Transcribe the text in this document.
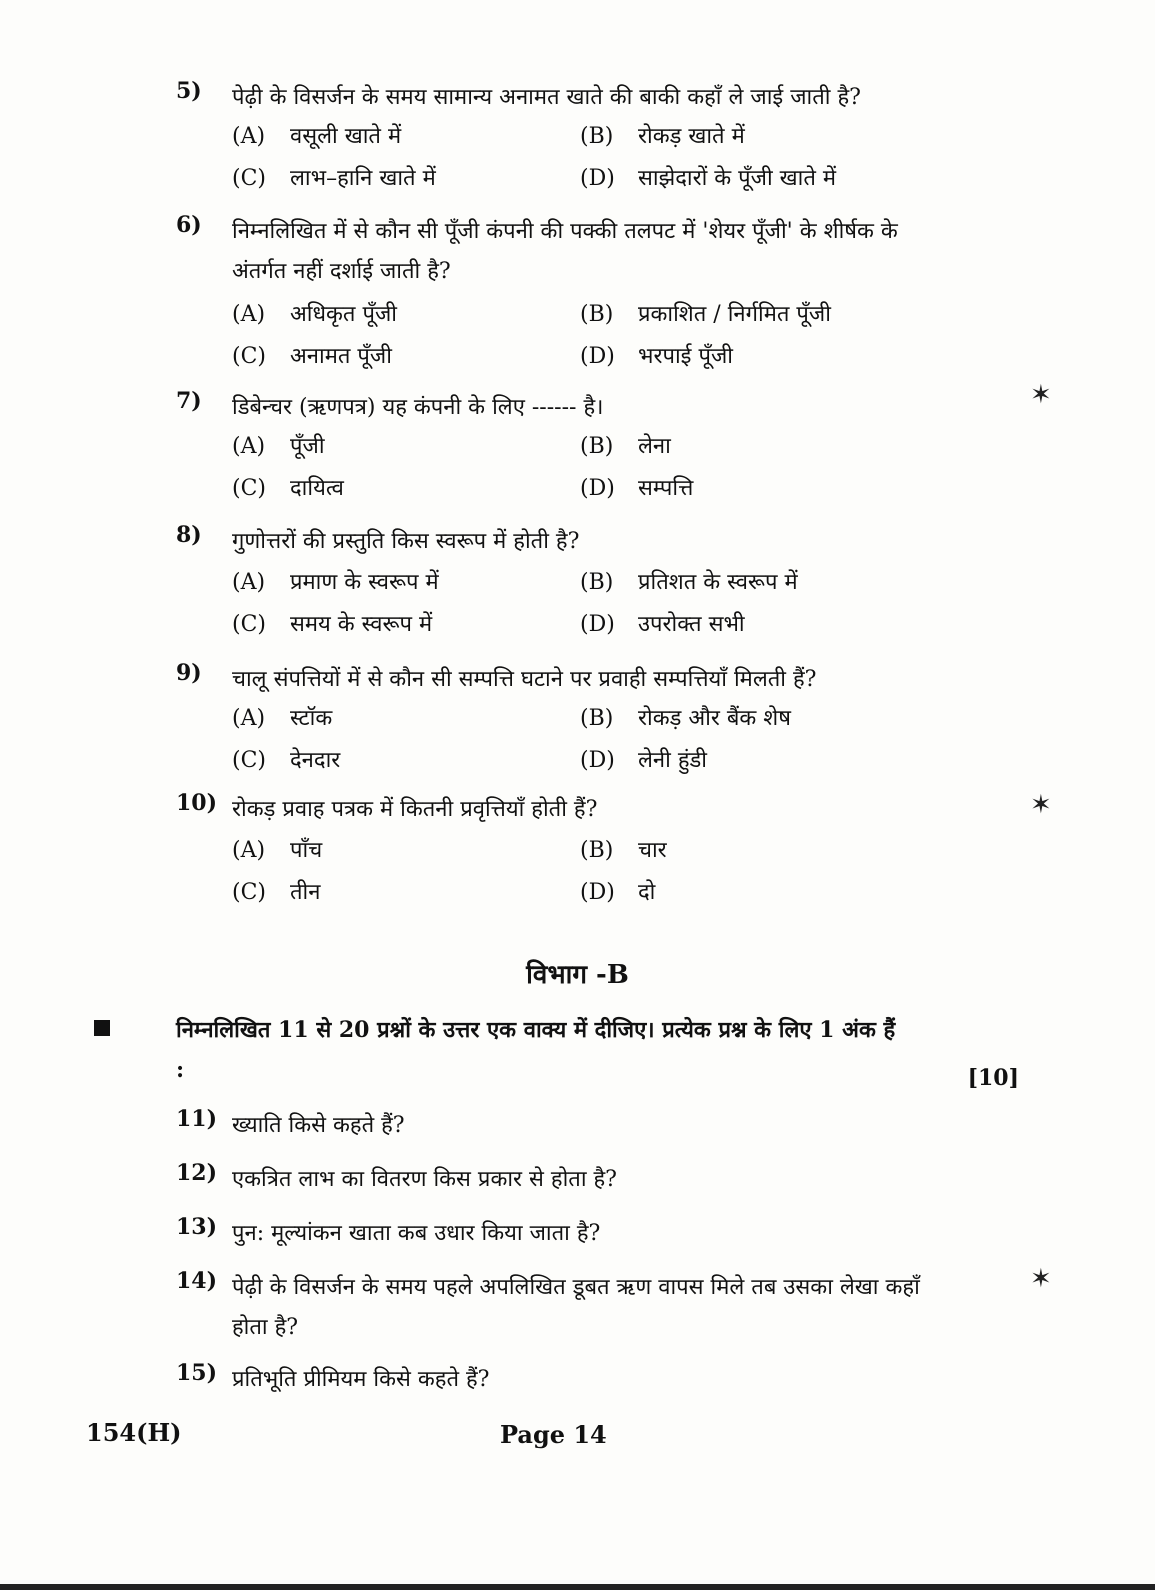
5)	पेढ़ी के विसर्जन के समय सामान्य अनामत खाते की बाकी कहाँ ले जाई जाती है?
(A) वसूली खाते में	(B) रोकड़ खाते में
(C) लाभ–हानि खाते में	(D) साझेदारों के पूँजी खाते में
6)	निम्नलिखित में से कौन सी पूँजी कंपनी की पक्की तलपट में 'शेयर पूँजी' के शीर्षक के अंतर्गत नहीं दर्शाई जाती है?
(A) अधिकृत पूँजी	(B) प्रकाशित / निर्गमित पूँजी
(C) अनामत पूँजी	(D) भरपाई पूँजी
7)	डिबेन्चर (ऋणपत्र) यह कंपनी के लिए ------ है।
(A) पूँजी	(B) लेना
(C) दायित्व	(D) सम्पत्ति
8)	गुणोत्तरों की प्रस्तुति किस स्वरूप में होती है?
(A) प्रमाण के स्वरूप में	(B) प्रतिशत के स्वरूप में
(C) समय के स्वरूप में	(D) उपरोक्त सभी
9)	चालू संपत्तियों में से कौन सी सम्पत्ति घटाने पर प्रवाही सम्पत्तियाँ मिलती हैं?
(A) स्टॉक	(B) रोकड़ और बैंक शेष
(C) देनदार	(D) लेनी हुंडी
10) रोकड़ प्रवाह पत्रक में कितनी प्रवृत्तियाँ होती हैं?
(A) पाँच	(B) चार
(C) तीन	(D) दो
विभाग -B
निम्नलिखित 11 से 20 प्रश्नों के उत्तर एक वाक्य में दीजिए। प्रत्येक प्रश्न के लिए 1 अंक हैं :	[10]
11) ख्याति किसे कहते हैं?
12) एकत्रित लाभ का वितरण किस प्रकार से होता है?
13) पुन: मूल्यांकन खाता कब उधार किया जाता है?
14) पेढ़ी के विसर्जन के समय पहले अपलिखित डूबत ऋण वापस मिले तब उसका लेखा कहाँ होता है?
15) प्रतिभूति प्रीमियम किसे कहते हैं?
154(H)	Page 14
✶
✶
✶
